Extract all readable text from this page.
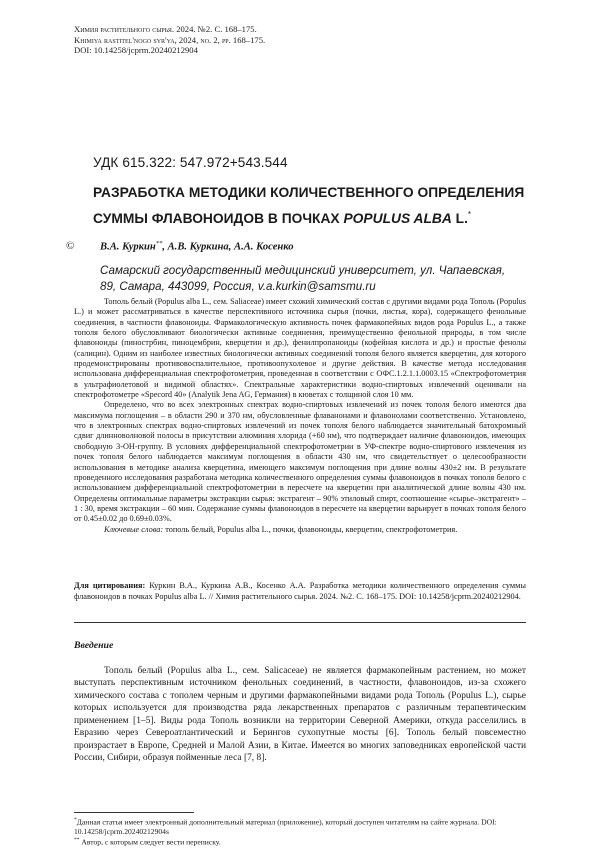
Химия растительного сырья. 2024. №2. С. 168–175.
Khimiya rastitel'nogo syr'ya, 2024, no. 2, pp. 168–175.
DOI: 10.14258/jcprm.20240212904
УДК 615.322: 547.972+543.544
РАЗРАБОТКА МЕТОДИКИ КОЛИЧЕСТВЕННОГО ОПРЕДЕЛЕНИЯ СУММЫ ФЛАВОНОИДОВ В ПОЧКАХ POPULUS ALBA L.*
© В.А. Куркин**, А.В. Куркина, А.А. Косенко
Самарский государственный медицинский университет, ул. Чапаевская, 89, Самара, 443099, Россия, v.a.kurkin@samsmu.ru

Тополь белый (Populus alba L., сем. Saliaceae) имеет схожий химический состав с другими видами рода Тополь (Populus L.) и может рассматриваться в качестве перспективного источника сырья (почки, листья, кора), содержащего фенольные соединения, в частности флавоноиды. Фармакологическую активность почек фармакопейных видов рода Populus L., а также тополя белого обусловливают биологически активные соединения, преимущественно фенольной природы, в том числе флавоноиды (пинострбин, пиноцембрин, кверцетин и др.), фенилпропаноиды (кофейная кислота и др.) и простые фенолы (салицин). Одним из наиболее известных биологически активных соединений тополя белого является кверцетин, для которого продемонстрированы противовоспалительное, противоопухолевое и другие действия. В качестве метода исследования использована дифференциальная спектрофотометрия, проведенная в соответствии с ОФС.1.2.1.1.0003.15 «Спектрофотометрия в ультрафиолетовой и видимой областях». Спектральные характеристики водно-спиртовых извлечений оценивали на спектрофотометре «Specord 40» (Analytik Jena AG, Германия) в кюветах с толщиной слоя 10 мм.

Определено, что во всех электронных спектрах водно-спиртовых извлечений из почек тополя белого имеются два максимума поглощения – в области 290 и 370 нм, обусловленные флаванонами и флавонолами соответственно. Установлено, что в электронных спектрах водно-спиртовых извлечений из почек тополя белого наблюдается значительный батохромный сдвиг длинноволновой полосы в присутствии алюминия хлорида (+60 нм), что подтверждает наличие флавоноидов, имеющих свободную 3-ОН-группу. В условиях дифференциальной спектрофотометрии в УФ-спектре водно-спиртового извлечения из почек тополя белого наблюдается максимум поглощения в области 430 нм, что свидетельствует о целесообразности использования в методике анализа кверцетина, имеющего максимум поглощения при длине волны 430±2 нм. В результате проведенного исследования разработана методика количественного определения суммы флавоноидов в почках тополя белого с использованием дифференциальной спектрофотометрии в пересчете на кверцетин при аналитической длине волны 430 нм. Определены оптимальные параметры экстракции сырья: экстрагент – 90% этиловый спирт, соотношение «сырье–экстрагент» – 1 : 30, время экстракции – 60 мин. Содержание суммы флавоноидов в пересчете на кверцетин варьирует в почках тополя белого от 0.45±0.02 до 0.69±0.03%.

Ключевые слова: тополь белый, Populus alba L., почки, флавоноиды, кверцетин, спектрофотометрия.

Для цитирования: Куркин В.А., Куркина А.В., Косенко А.А. Разработка методики количественного определения суммы флавоноидов в почках Populus alba L. // Химия растительного сырья. 2024. №2. С. 168–175. DOI: 10.14258/jcprm.20240212904.
Введение

Тополь белый (Populus alba L., сем. Salicaceae) не является фармакопейным растением, но может выступать перспективным источником фенольных соединений, в частности, флавоноидов, из-за схожего химического состава с тополем черным и другими фармакопейными видами рода Тополь (Populus L.), сырье которых используется для производства ряда лекарственных препаратов с различным терапевтическим применением [1–5]. Виды рода Тополь возникли на территории Северной Америки, откуда расселились в Евразию через Североатлантический и Берингов сухопутные мосты [6]. Тополь белый повсеместно произрастает в Европе, Средней и Малой Азии, в Китае. Имеется во многих заповедниках европейской части России, Сибири, образуя пойменные леса [7, 8].

*Данная статья имеет электронный дополнительный материал (приложение), который доступен читателям на сайте журнала. DOI: 10.14258/jcprm.20240212904s
** Автор, с которым следует вести переписку.
